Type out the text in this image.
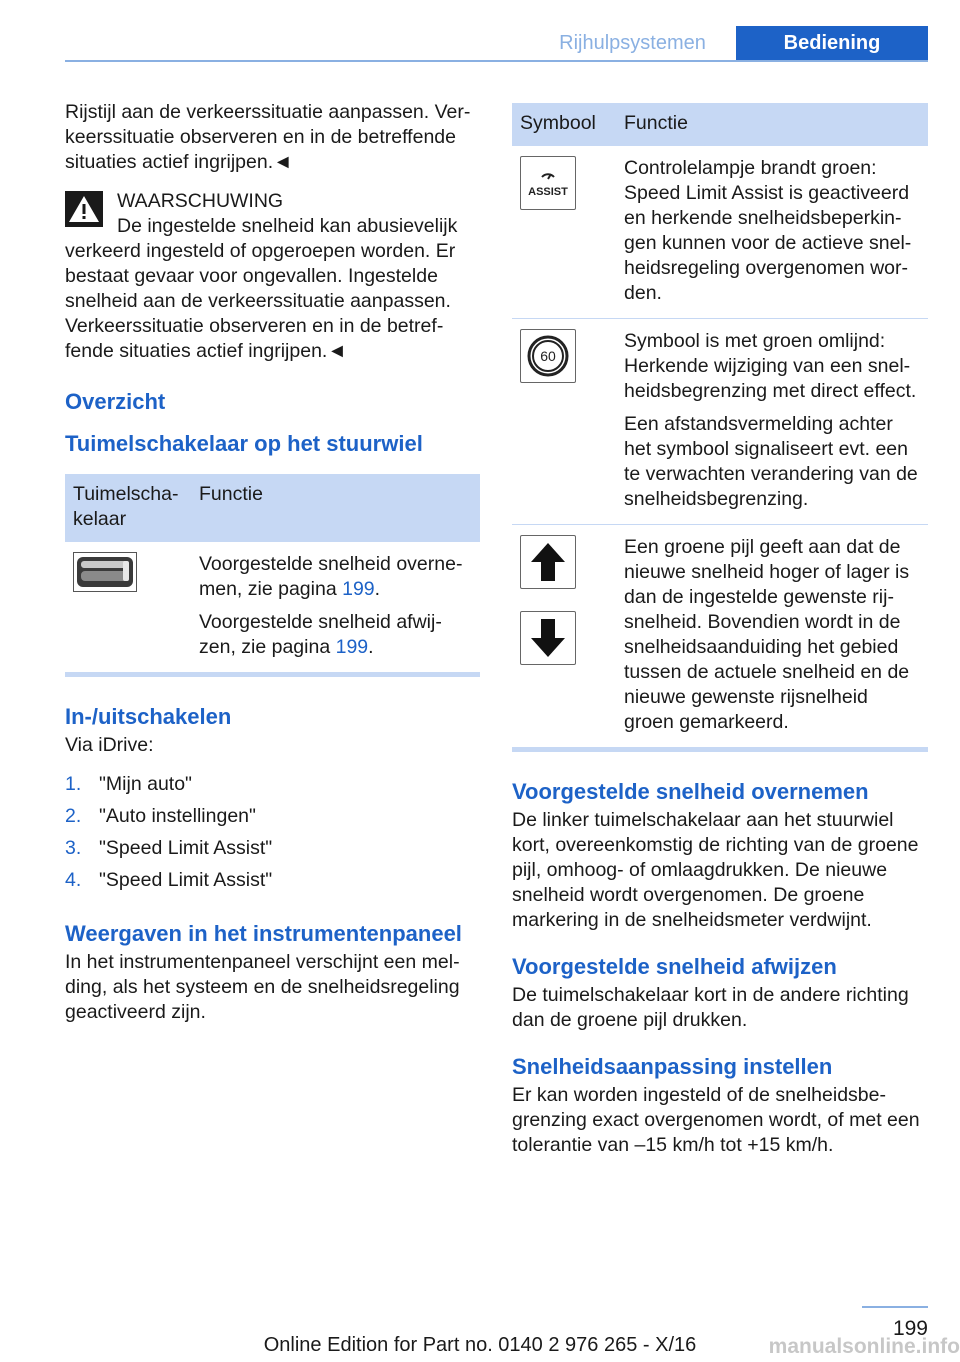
Rijhulpsystemen	Bediening

Rijstijl aan de verkeerssituatie aanpassen. Verkeerssituatie observeren en in de betreffende situaties actief ingrijpen.◄

WAARSCHUWING

De ingestelde snelheid kan abusievelijk

verkeerd ingesteld of opgeroepen worden. Er bestaat gevaar voor ongevallen. Ingestelde snelheid aan de verkeerssituatie aanpassen. Verkeerssituatie observeren en in de betreffende situaties actief ingrijpen.◄

Overzicht
Tuimelschakelaar op het stuurwiel
Tuimelschakelaar	Functie

Voorgestelde snelheid overnemen, zie pagina 199.

Voorgestelde snelheid afwijzen, zie pagina 199.

In-/uitschakelen

Via iDrive:

1. "Mijn auto"
2. "Auto instellingen"
3. "Speed Limit Assist"
4. "Speed Limit Assist"
Weergaven in het instrumentenpaneel

In het instrumentenpaneel verschijnt een melding, als het systeem en de snelheidsregeling geactiveerd zijn.

Symbool	Functie

ASSIST	Controlelampje brandt groen: Speed Limit Assist is geactiveerd en herkende snelheidsbeperkingen kunnen voor de actieve snelheidsregeling overgenomen worden.

60	Symbool is met groen omlijnd: Herkende wijziging van een snelheidsbegrenzing met direct effect.

Een afstandsvermelding achter het symbool signaliseert evt. een te verwachten verandering van de snelheidsbegrenzing.

Een groene pijl geeft aan dat de nieuwe snelheid hoger of lager is dan de ingestelde gewenste rijsnelheid. Bovendien wordt in de snelheidsaanduiding het gebied tussen de actuele snelheid en de nieuwe gewenste rijsnelheid groen gemarkeerd.

Voorgestelde snelheid overnemen

De linker tuimelschakelaar aan het stuurwiel kort, overeenkomstig de richting van de groene pijl, omhoog- of omlaagdrukken. De nieuwe snelheid wordt overgenomen. De groene markering in de snelheidsmeter verdwijnt.

Voorgestelde snelheid afwijzen

De tuimelschakelaar kort in de andere richting dan de groene pijl drukken.

Snelheidsaanpassing instellen

Er kan worden ingesteld of de snelheidsbegrenzing exact overgenomen wordt, of met een tolerantie van –15 km/h tot +15 km/h.

199
Online Edition for Part no. 0140 2 976 265 - X/16	manualsonline.info
